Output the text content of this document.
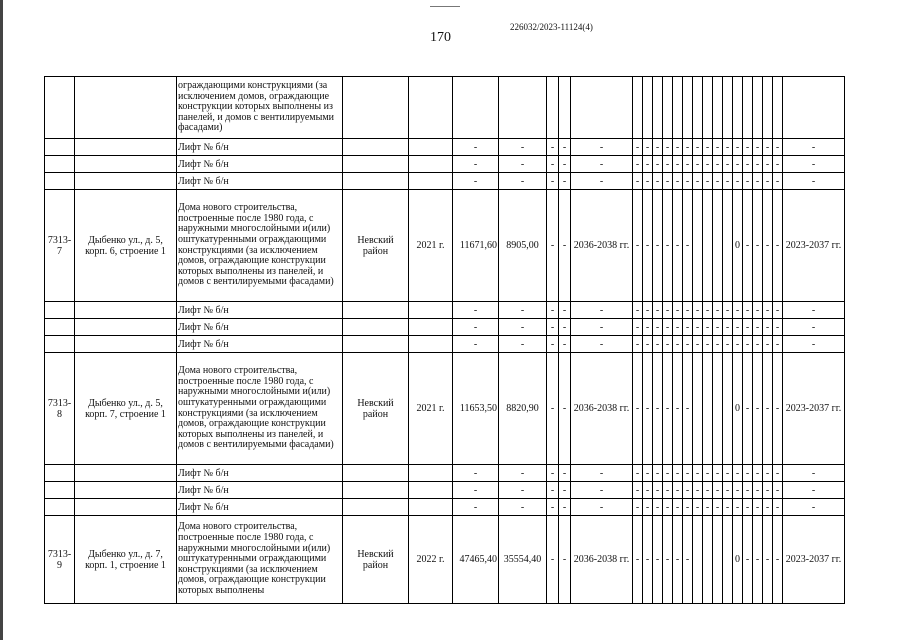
170
226032/2023-11124(4)
		ограждающими конструкциями (за исключением домов, ограждающие конструкции которых выполнены из панелей, и домов с вентилируемыми фасадами)																							
		Лифт № б/н			-	-	-	-	-	-	-	-	-	-	-	-	-	-	-	-	-	-	-	-	-
		Лифт № б/н			-	-	-	-	-	-	-	-	-	-	-	-	-	-	-	-	-	-	-	-	-
		Лифт № б/н			-	-	-	-	-	-	-	-	-	-	-	-	-	-	-	-	-	-	-	-	-
7313-7	Дыбенко ул., д. 5, корп. 6, строение 1	Дома нового строительства, построенные после 1980 года, с наружными многослойными и(или) оштукатуренными ограждающими конструкциями (за исключением домов, ограждающие конструкции которых выполнены из панелей, и домов с вентилируемыми фасадами)	Невский район	2021 г.	11671,60	8905,00	-	-	2036-2038 гг.	-	-	-	-	-	-					0	-	-	-	-	2023-2037 гг.
		Лифт № б/н			-	-	-	-	-	-	-	-	-	-	-	-	-	-	-	-	-	-	-	-	-
		Лифт № б/н			-	-	-	-	-	-	-	-	-	-	-	-	-	-	-	-	-	-	-	-	-
		Лифт № б/н			-	-	-	-	-	-	-	-	-	-	-	-	-	-	-	-	-	-	-	-	-
7313-8	Дыбенко ул., д. 5, корп. 7, строение 1	Дома нового строительства, построенные после 1980 года, с наружными многослойными и(или) оштукатуренными ограждающими конструкциями (за исключением домов, ограждающие конструкции которых выполнены из панелей, и домов с вентилируемыми фасадами)	Невский район	2021 г.	11653,50	8820,90	-	-	2036-2038 гг.	-	-	-	-	-	-					0	-	-	-	-	2023-2037 гг.
		Лифт № б/н			-	-	-	-	-	-	-	-	-	-	-	-	-	-	-	-	-	-	-	-	-
		Лифт № б/н			-	-	-	-	-	-	-	-	-	-	-	-	-	-	-	-	-	-	-	-	-
		Лифт № б/н			-	-	-	-	-	-	-	-	-	-	-	-	-	-	-	-	-	-	-	-	-
7313-9	Дыбенко ул., д. 7, корп. 1, строение 1	Дома нового строительства, построенные после 1980 года, с наружными многослойными и(или) оштукатуренными ограждающими конструкциями (за исключением домов, ограждающие конструкции которых выполнены	Невский район	2022 г.	47465,40	35554,40	-	-	2036-2038 гг.	-	-	-	-	-	-					0	-	-	-	-	2023-2037 гг.
